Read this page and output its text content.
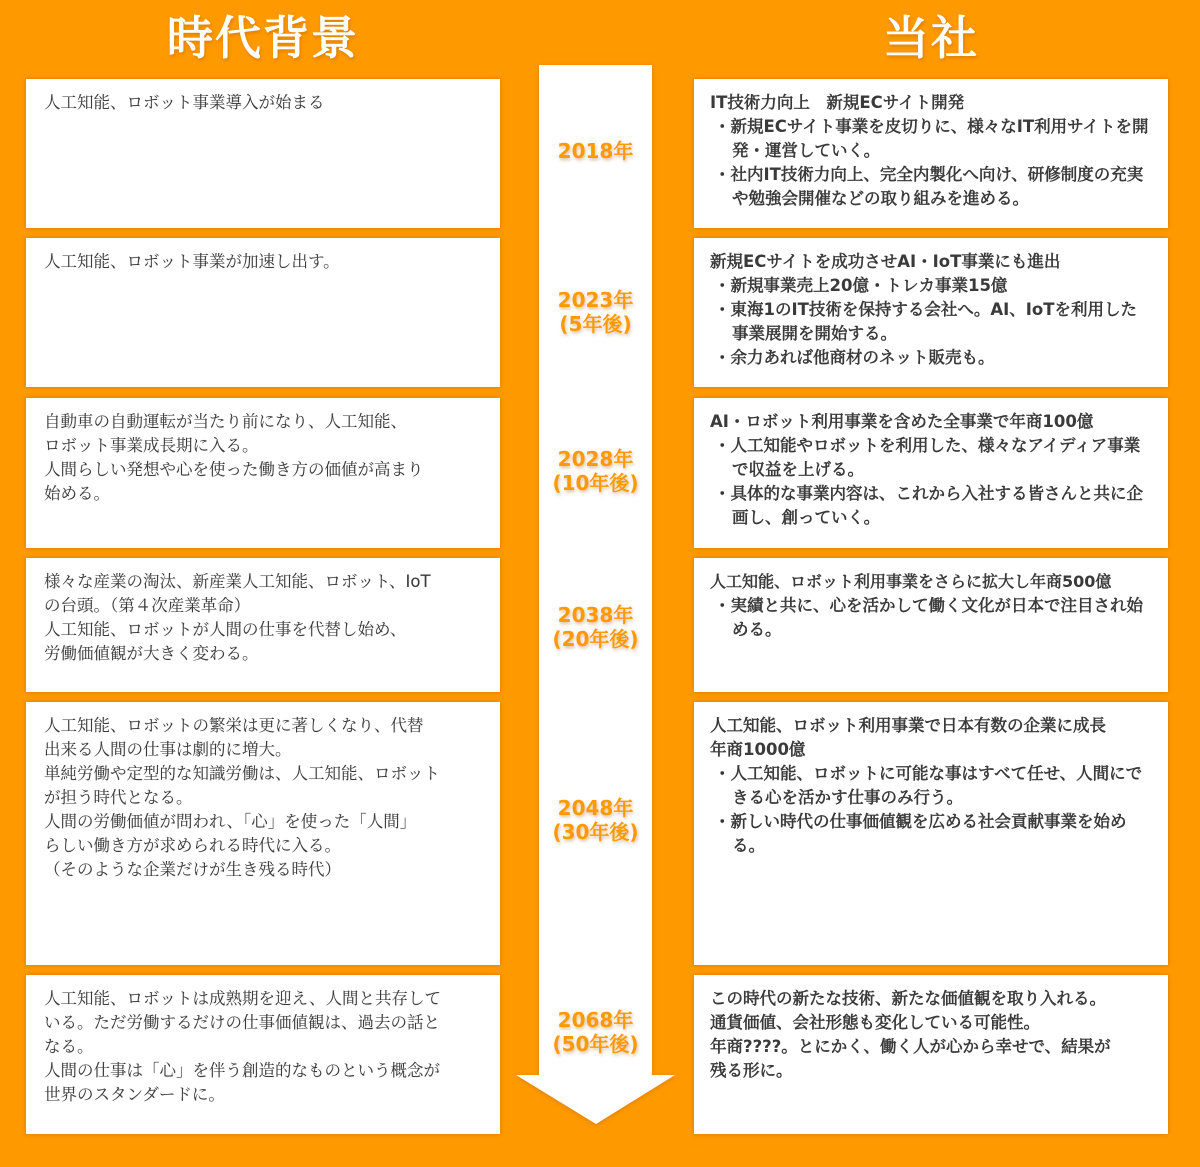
時代背景	当社
人工知能、ロボット事業導入が始まる
2018年
IT技術力向上　新規ECサイト開発
・新規ECサイト事業を皮切りに、様々なIT利用サイトを開発・運営していく。
・社内IT技術力向上、完全内製化へ向け、研修制度の充実や勉強会開催などの取り組みを進める。
人工知能、ロボット事業が加速し出す。
2023年
(5年後)
新規ECサイトを成功させAI・IoT事業にも進出
・新規事業売上20億・トレカ事業15億
・東海1のIT技術を保持する会社へ。AI、IoTを利用した事業展開を開始する。
・余力あれば他商材のネット販売も。
自動車の自動運転が当たり前になり、人工知能、
ロボット事業成長期に入る。
人間らしい発想や心を使った働き方の価値が高まり
始める。
2028年
(10年後)
AI・ロボット利用事業を含めた全事業で年商100億
・人工知能やロボットを利用した、様々なアイディア事業で収益を上げる。
・具体的な事業内容は、これから入社する皆さんと共に企画し、創っていく。
様々な産業の淘汰、新産業人工知能、ロボット、IoT
の台頭。（第４次産業革命）
人工知能、ロボットが人間の仕事を代替し始め、
労働価値観が大きく変わる。
2038年
(20年後)
人工知能、ロボット利用事業をさらに拡大し年商500億
・実績と共に、心を活かして働く文化が日本で注目され始める。
人工知能、ロボットの繁栄は更に著しくなり、代替
出来る人間の仕事は劇的に増大。
単純労働や定型的な知識労働は、人工知能、ロボット
が担う時代となる。
人間の労働価値が問われ、「心」を使った「人間」
らしい働き方が求められる時代に入る。
（そのような企業だけが生き残る時代）
2048年
(30年後)
人工知能、ロボット利用事業で日本有数の企業に成長
年商1000億
・人工知能、ロボットに可能な事はすべて任せ、人間にできる心を活かす仕事のみ行う。
・新しい時代の仕事価値観を広める社会貢献事業を始める。
人工知能、ロボットは成熟期を迎え、人間と共存して
いる。ただ労働するだけの仕事価値観は、過去の話と
なる。
人間の仕事は「心」を伴う創造的なものという概念が
世界のスタンダードに。
2068年
(50年後)
この時代の新たな技術、新たな価値観を取り入れる。
通貨価値、会社形態も変化している可能性。
年商????。とにかく、働く人が心から幸せで、結果が
残る形に。
